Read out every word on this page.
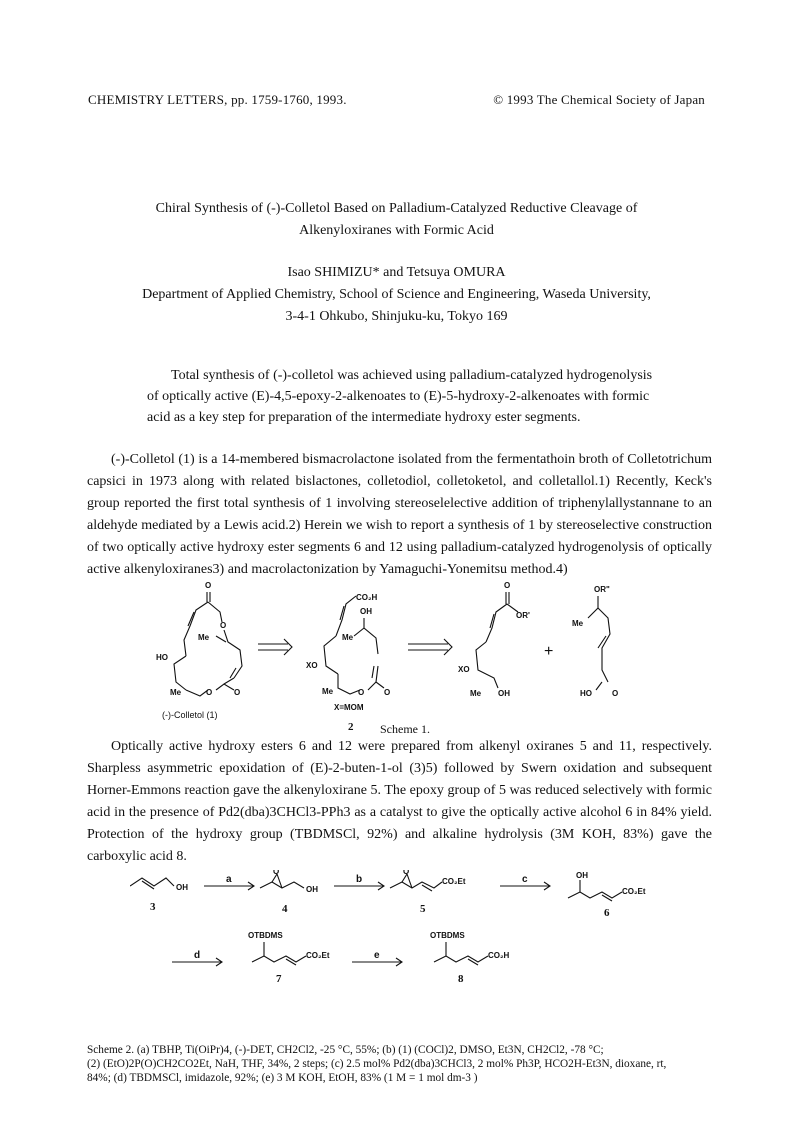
CHEMISTRY LETTERS, pp. 1759-1760, 1993.	© 1993 The Chemical Society of Japan
Chiral Synthesis of (-)-Colletol Based on Palladium-Catalyzed Reductive Cleavage of
Alkenyloxiranes with Formic Acid
Isao SHIMIZU* and Tetsuya OMURA
Department of Applied Chemistry, School of Science and Engineering, Waseda University,
3-4-1 Ohkubo, Shinjuku-ku, Tokyo 169

Total synthesis of (-)-colletol was achieved using palladium-catalyzed hydrogenolysis of optically active (E)-4,5-epoxy-2-alkenoates to (E)-5-hydroxy-2-alkenoates with formic acid as a key step for preparation of the intermediate hydroxy ester segments.

(-)-Colletol (1) is a 14-membered bismacrolactone isolated from the fermentathoin broth of Colletotrichum capsici in 1973 along with related bislactones, colletodiol, colletoketol, and colletallol.1) Recently, Keck's group reported the first total synthesis of 1 involving stereoselelective addition of triphenylallystannane to an aldehyde mediated by a Lewis acid.2) Herein we wish to report a synthesis of 1 by stereoselective construction of two optically active hydroxy ester segments 6 and 12 using palladium-catalyzed hydrogenolysis of optically active alkenyloxiranes3) and macrolactonization by Yamaguchi-Yonemitsu method.4)

O
O
Me
HO
Me	O	O
(-)-Colletol (1)
CO₂H
OH
Me
XO
Me	O O
X=MOM
2 Scheme 1.
O
OR'
XO
Me OH
+
OR"
Me
HO	O

Optically active hydroxy esters 6 and 12 were prepared from alkenyl oxiranes 5 and 11, respectively. Sharpless asymmetric epoxidation of (E)-2-buten-1-ol (3)5) followed by Swern oxidation and subsequent Horner-Emmons reaction gave the alkenyloxirane 5. The epoxy group of 5 was reduced selectively with formic acid in the presence of Pd2(dba)3CHCl3-PPh3 as a catalyst to give the optically active alcohol 6 in 84% yield. Protection of the hydroxy group (TBDMSCl, 92%) and alkaline hydrolysis (3M KOH, 83%) gave the carboxylic acid 8.

OH
3
a
O
OH
4
b
O
CO₂Et
5
c	OH
CO₂Et
6
d
OTBDMS
CO₂Et
7
e
OTBDMS
CO₂H
8

Scheme 2. (a) TBHP, Ti(OiPr)4, (-)-DET, CH2Cl2, -25 °C, 55%; (b) (1) (COCl)2, DMSO, Et3N, CH2Cl2, -78 °C;

(2) (EtO)2P(O)CH2CO2Et, NaH, THF, 34%, 2 steps; (c) 2.5 mol% Pd2(dba)3CHCl3, 2 mol% Ph3P, HCO2H-Et3N, dioxane, rt,

84%; (d) TBDMSCl, imidazole, 92%; (e) 3 M KOH, EtOH, 83% (1 M = 1 mol dm-3 )
